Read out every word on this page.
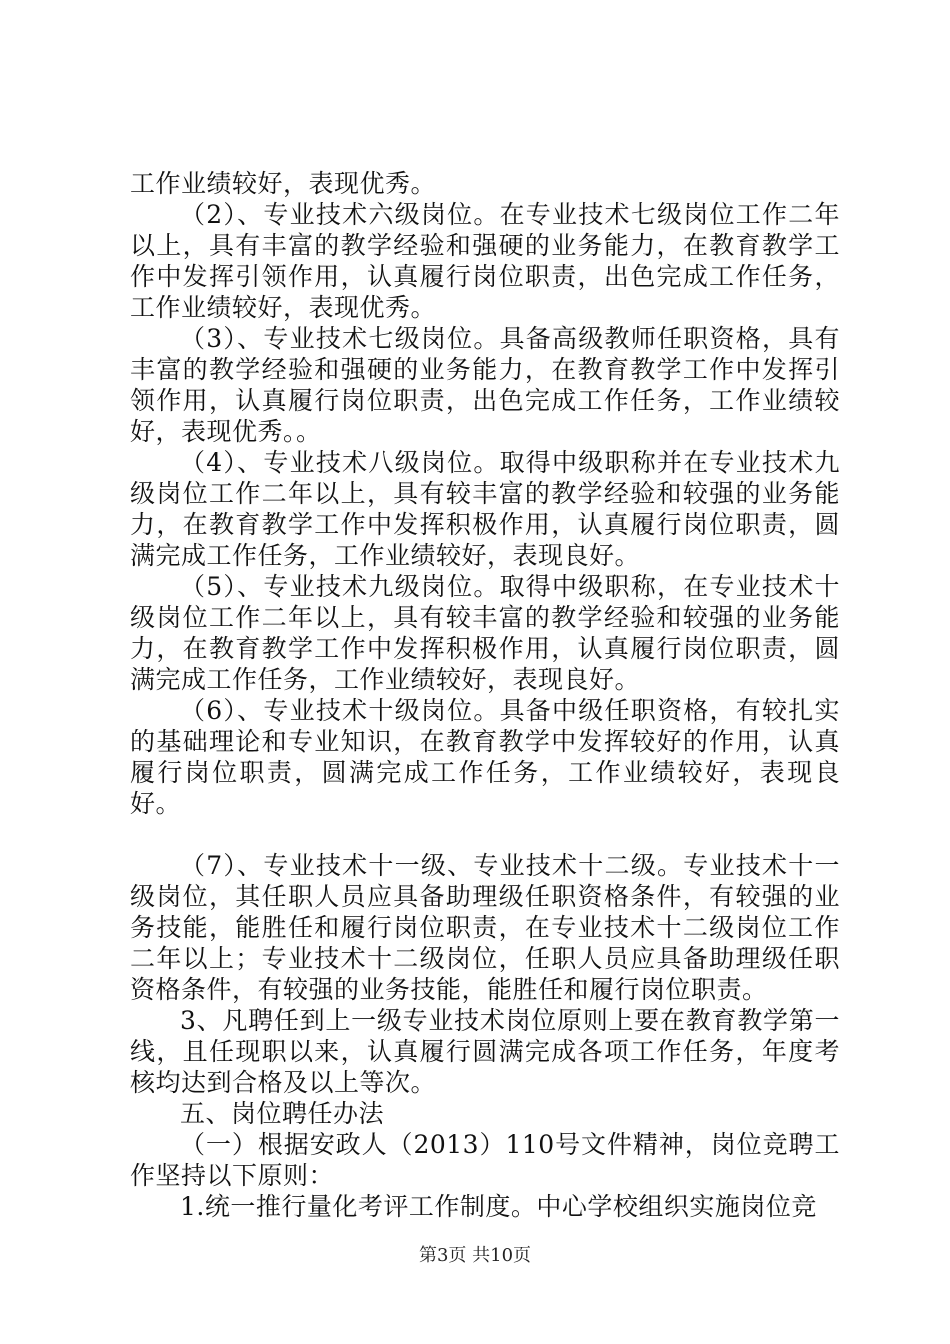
工作业绩较好，表现优秀。

（2）、专业技术六级岗位。在专业技术七级岗位工作二年以上，具有丰富的教学经验和强硬的业务能力，在教育教学工作中发挥引领作用，认真履行岗位职责，出色完成工作任务，工作业绩较好，表现优秀。

（3）、专业技术七级岗位。具备高级教师任职资格，具有丰富的教学经验和强硬的业务能力，在教育教学工作中发挥引领作用，认真履行岗位职责，出色完成工作任务，工作业绩较好，表现优秀。。

（4）、专业技术八级岗位。取得中级职称并在专业技术九级岗位工作二年以上，具有较丰富的教学经验和较强的业务能力，在教育教学工作中发挥积极作用，认真履行岗位职责，圆满完成工作任务，工作业绩较好，表现良好。

（5）、专业技术九级岗位。取得中级职称，在专业技术十级岗位工作二年以上，具有较丰富的教学经验和较强的业务能力，在教育教学工作中发挥积极作用，认真履行岗位职责，圆满完成工作任务，工作业绩较好，表现良好。

（6）、专业技术十级岗位。具备中级任职资格，有较扎实的基础理论和专业知识，在教育教学中发挥较好的作用，认真履行岗位职责，圆满完成工作任务，工作业绩较好，表现良好。

（7）、专业技术十一级、专业技术十二级。专业技术十一级岗位，其任职人员应具备助理级任职资格条件，有较强的业务技能，能胜任和履行岗位职责，在专业技术十二级岗位工作二年以上；专业技术十二级岗位，任职人员应具备助理级任职资格条件，有较强的业务技能，能胜任和履行岗位职责。

3、凡聘任到上一级专业技术岗位原则上要在教育教学第一线，且任现职以来，认真履行圆满完成各项工作任务，年度考核均达到合格及以上等次。

五、岗位聘任办法

（一）根据安政人（2013）110号文件精神，岗位竞聘工作坚持以下原则：

1.统一推行量化考评工作制度。中心学校组织实施岗位竞

第3页 共10页
